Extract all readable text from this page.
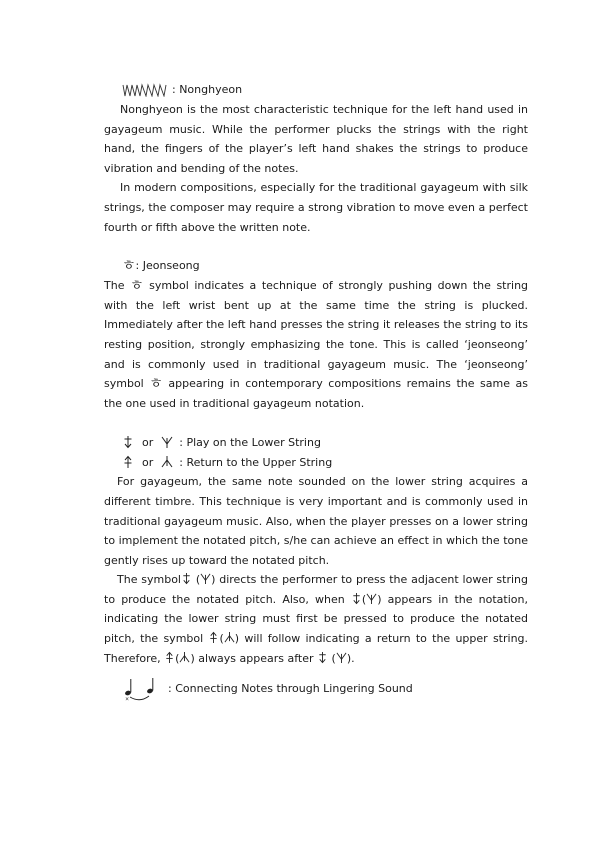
: Nonghyeon

Nonghyeon is the most characteristic technique for the left hand used in gayageum music. While the performer plucks the strings with the right hand, the fingers of the player’s left hand shakes the strings to produce vibration and bending of the notes.

In modern compositions, especially for the traditional gayageum with silk strings, the composer may require a strong vibration to move even a perfect fourth or fifth above the written note.

ㅎ : Jeonseong

The ㅎ symbol indicates a technique of strongly pushing down the string with the left wrist bent up at the same time the string is plucked. Immediately after the left hand presses the string it releases the string to its resting position, strongly emphasizing the tone. This is called ‘jeonseong’ and is commonly used in traditional gayageum music. The ‘jeonseong’ symbol ㅎ appearing in contemporary compositions remains the same as the one used in traditional gayageum notation.

or : Play on the Lower String
or : Return to the Upper String

For gayageum, the same note sounded on the lower string acquires a different timbre. This technique is very important and is commonly used in traditional gayageum music. Also, when the player presses on a lower string to implement the notated pitch, s/he can achieve an effect in which the tone gently rises up toward the notated pitch.

The symbol ( ) directs the performer to press the adjacent lower string to produce the notated pitch. Also, when ( ) appears in the notation, indicating the lower string must first be pressed to produce the notated pitch, the symbol ( ) will follow indicating a return to the upper string. Therefore, ( ) always appears after ( ).

×
: Connecting Notes through Lingering Sound
